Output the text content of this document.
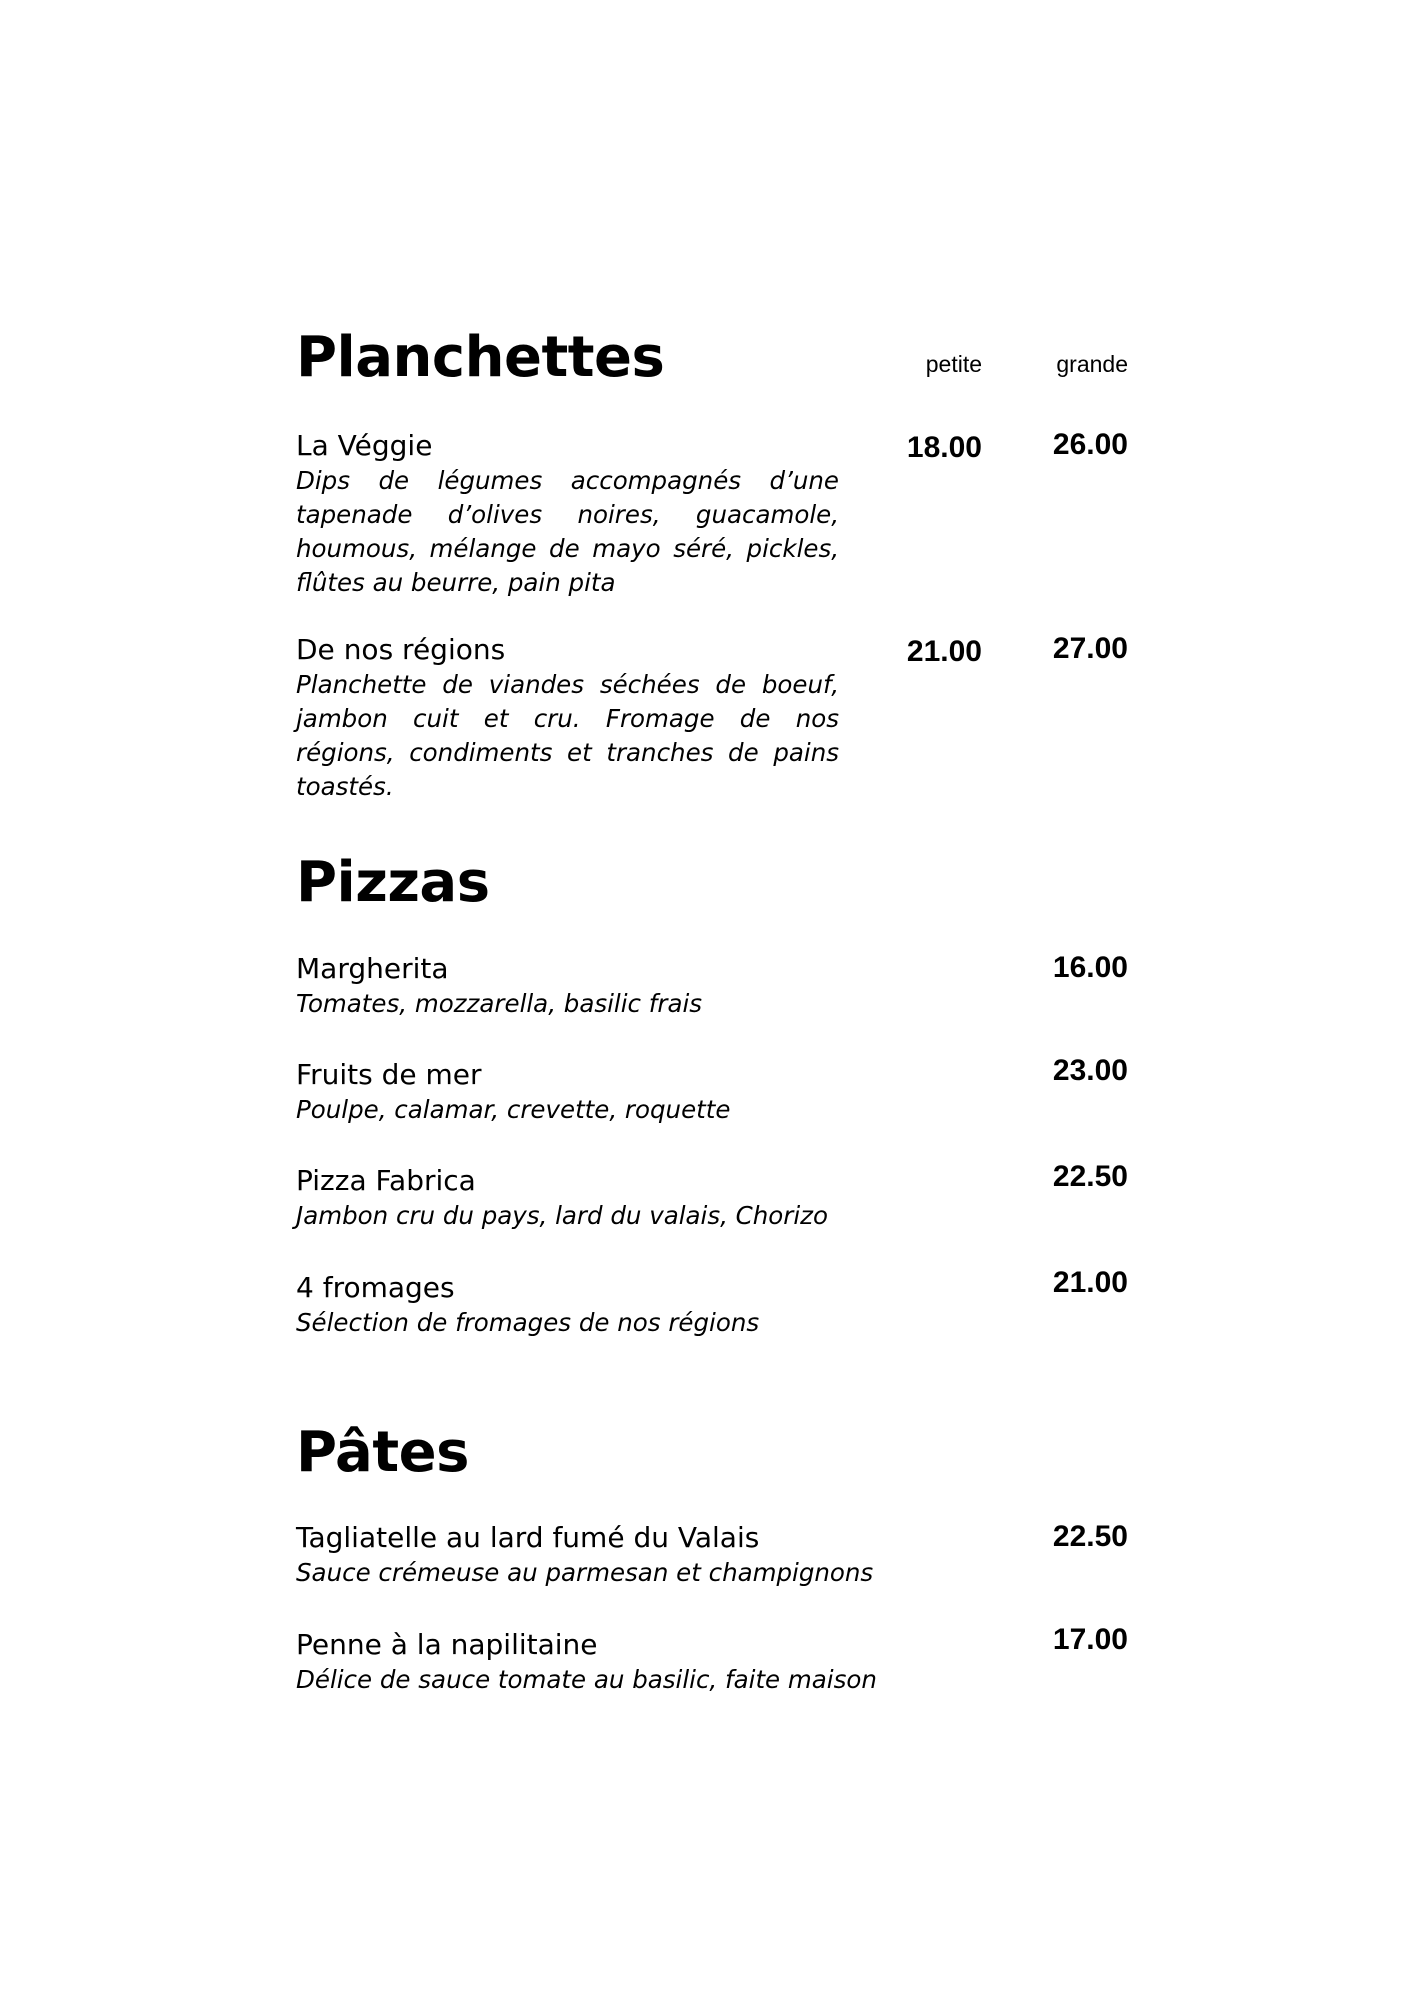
Planchettes	petite	grande
La Véggie

Dips de légumes accompagnés d’une tapenade d’olives noires, guacamole, houmous, mélange de mayo séré, pickles, flûtes au beurre, pain pita

18.00	26.00
De nos régions

Planchette de viandes séchées de boeuf, jambon cuit et cru. Fromage de nos régions, condiments et tranches de pains toastés.

21.00	27.00
Pizzas
Margherita

Tomates, mozzarella, basilic frais

16.00
Fruits de mer

Poulpe, calamar, crevette, roquette

23.00
Pizza Fabrica

Jambon cru du pays, lard du valais, Chorizo

22.50
4 fromages

Sélection de fromages de nos régions

21.00
Pâtes
Tagliatelle au lard fumé du Valais

Sauce crémeuse au parmesan et champignons

22.50
Penne à la napilitaine

Délice de sauce tomate au basilic, faite maison

17.00
